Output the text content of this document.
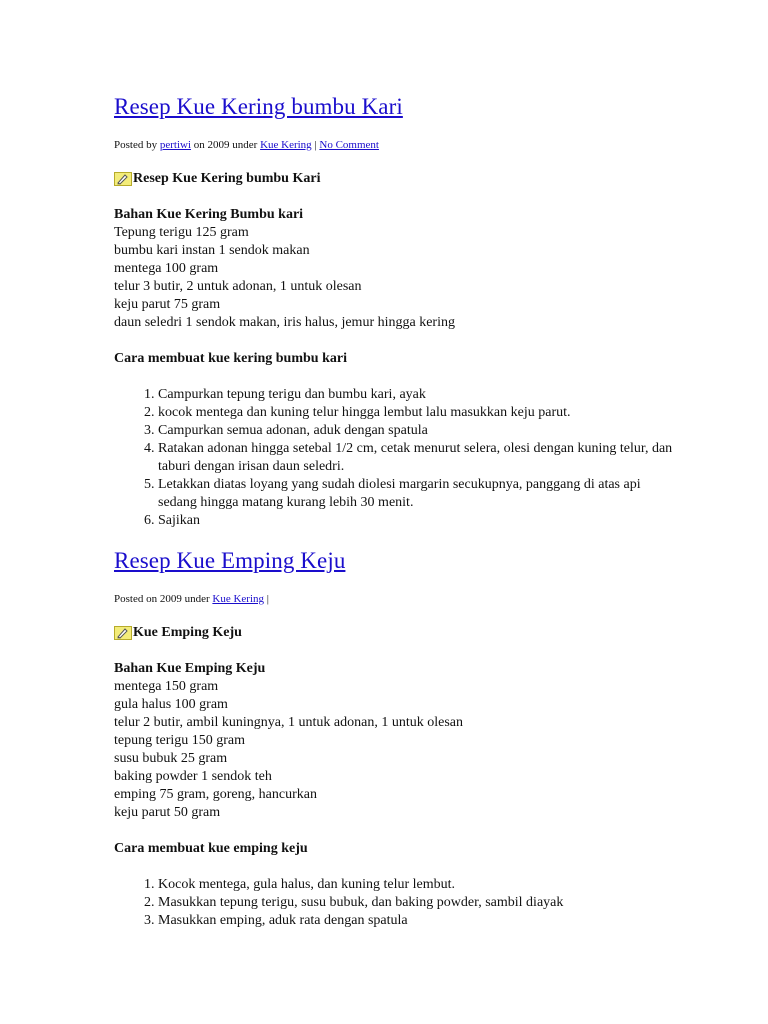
Resep Kue Kering bumbu Kari
Posted by pertiwi on 2009 under Kue Kering | No Comment
Resep Kue Kering bumbu Kari
Bahan Kue Kering Bumbu kari
Tepung terigu 125 gram
bumbu kari instan 1 sendok makan
mentega 100 gram
telur 3 butir, 2 untuk adonan, 1 untuk olesan
keju parut 75 gram
daun seledri 1 sendok makan, iris halus, jemur hingga kering
Cara membuat kue kering bumbu kari
1. Campurkan tepung terigu dan bumbu kari, ayak
2. kocok mentega dan kuning telur hingga lembut lalu masukkan keju parut.
3. Campurkan semua adonan, aduk dengan spatula
4. Ratakan adonan hingga setebal 1/2 cm, cetak menurut selera, olesi dengan kuning telur, dan taburi dengan irisan daun seledri.
5. Letakkan diatas loyang yang sudah diolesi margarin secukupnya, panggang di atas api sedang hingga matang kurang lebih 30 menit.
6. Sajikan
Resep Kue Emping Keju
Posted on 2009 under Kue Kering |
Kue Emping Keju
Bahan Kue Emping Keju
mentega 150 gram
gula halus 100 gram
telur 2 butir, ambil kuningnya, 1 untuk adonan, 1 untuk olesan
tepung terigu 150 gram
susu bubuk 25 gram
baking powder 1 sendok teh
emping 75 gram, goreng, hancurkan
keju parut 50 gram
Cara membuat kue emping keju
1. Kocok mentega, gula halus, dan kuning telur lembut.
2. Masukkan tepung terigu, susu bubuk, dan baking powder, sambil diayak
3. Masukkan emping, aduk rata dengan spatula
